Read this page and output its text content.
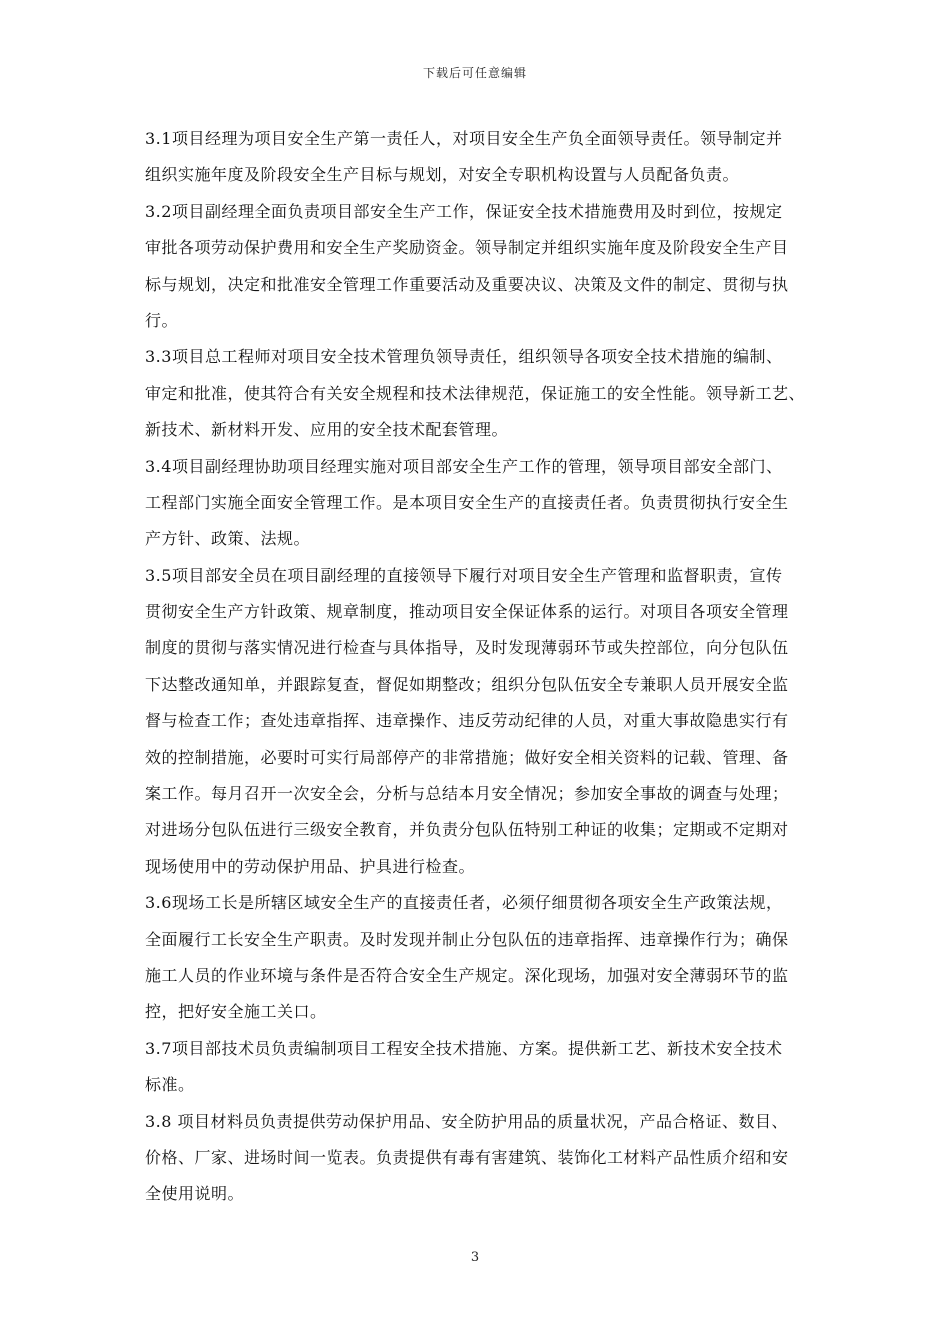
下载后可任意编辑
3.1项目经理为项目安全生产第一责任人，对项目安全生产负全面领导责任。领导制定并
组织实施年度及阶段安全生产目标与规划，对安全专职机构设置与人员配备负责。
3.2项目副经理全面负责项目部安全生产工作，保证安全技术措施费用及时到位，按规定
审批各项劳动保护费用和安全生产奖励资金。领导制定并组织实施年度及阶段安全生产目
标与规划，决定和批准安全管理工作重要活动及重要决议、决策及文件的制定、贯彻与执
行。
3.3项目总工程师对项目安全技术管理负领导责任，组织领导各项安全技术措施的编制、
审定和批准，使其符合有关安全规程和技术法律规范，保证施工的安全性能。领导新工艺、
新技术、新材料开发、应用的安全技术配套管理。
3.4项目副经理协助项目经理实施对项目部安全生产工作的管理，领导项目部安全部门、
工程部门实施全面安全管理工作。是本项目安全生产的直接责任者。负责贯彻执行安全生
产方针、政策、法规。
3.5项目部安全员在项目副经理的直接领导下履行对项目安全生产管理和监督职责，宣传
贯彻安全生产方针政策、规章制度，推动项目安全保证体系的运行。对项目各项安全管理
制度的贯彻与落实情况进行检查与具体指导，及时发现薄弱环节或失控部位，向分包队伍
下达整改通知单，并跟踪复查，督促如期整改；组织分包队伍安全专兼职人员开展安全监
督与检查工作；查处违章指挥、违章操作、违反劳动纪律的人员，对重大事故隐患实行有
效的控制措施，必要时可实行局部停产的非常措施；做好安全相关资料的记载、管理、备
案工作。每月召开一次安全会，分析与总结本月安全情况；参加安全事故的调查与处理；
对进场分包队伍进行三级安全教育，并负责分包队伍特别工种证的收集；定期或不定期对
现场使用中的劳动保护用品、护具进行检查。
3.6现场工长是所辖区域安全生产的直接责任者，必须仔细贯彻各项安全生产政策法规，
全面履行工长安全生产职责。及时发现并制止分包队伍的违章指挥、违章操作行为；确保
施工人员的作业环境与条件是否符合安全生产规定。深化现场，加强对安全薄弱环节的监
控，把好安全施工关口。
3.7项目部技术员负责编制项目工程安全技术措施、方案。提供新工艺、新技术安全技术
标准。
3.8 项目材料员负责提供劳动保护用品、安全防护用品的质量状况，产品合格证、数目、
价格、厂家、进场时间一览表。负责提供有毒有害建筑、装饰化工材料产品性质介绍和安
全使用说明。
3
